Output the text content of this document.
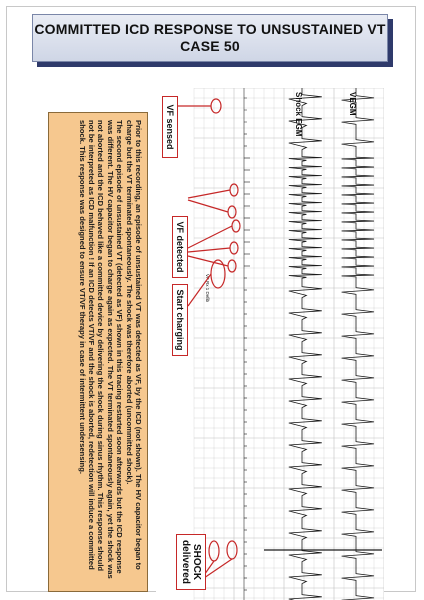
COMMITTED ICD RESPONSE TO UNSUSTAINED VT
CASE 50
VEGM
Shock EGM
VF Rx 1 Defib
VF sensed
VF detected
Start charging
SHOCK
delivered

Prior to this recording, an episode of unsustained VT was detected as VF, by the ICD (not shown). The HV capacitor began to charge but the VT terminated spontaneously. The shock was therefore aborted (uncommitted shock).

The second episode of unsustained VT (detected as VF) shown in this tracing restarted soon afterwards but the ICD response was different. The HV capacitor began to charge again as expected. The VT terminated spontaneously again, yet the shock was not aborted and the ICD behaved like a committed device by delivering the shock during sinus rhythm. This response should not be interpreted as ICD malfunction ! If an ICD detects VT/VF and the shock is aborted, redetection will induce a committed shock. This response was designed to ensure VT/VF therapy in case of intermittent undersensing.
